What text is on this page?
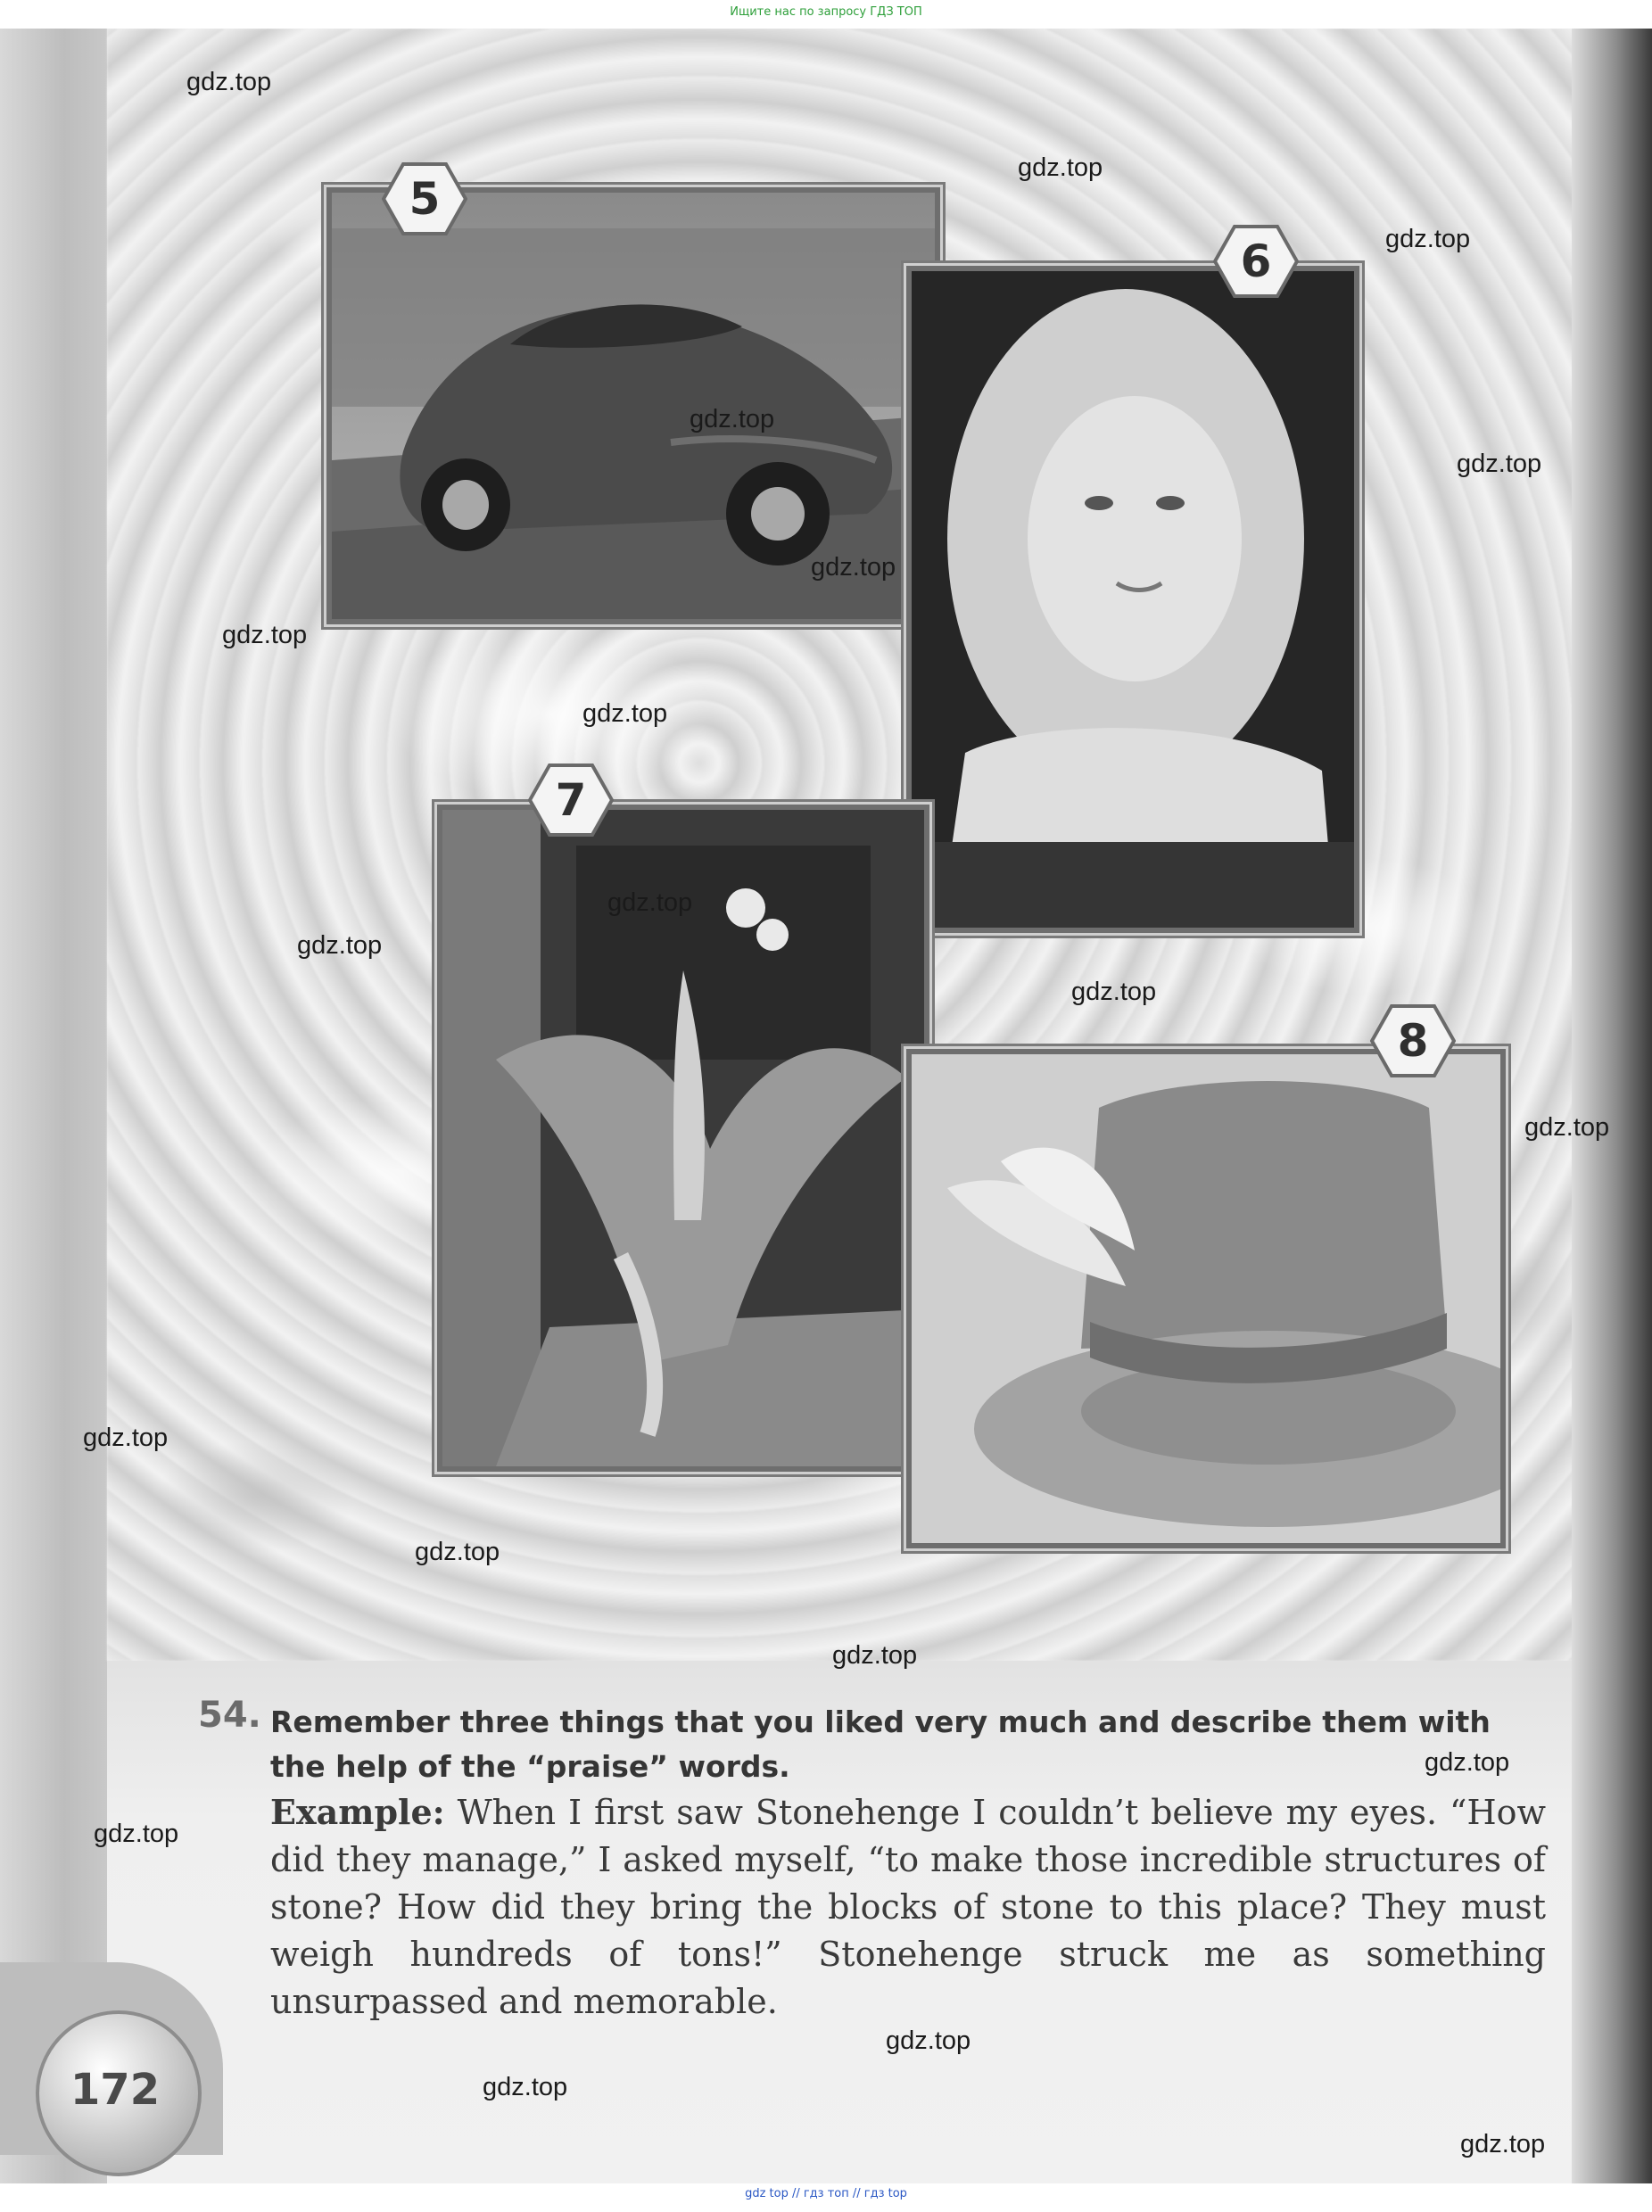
Ищите нас по запросу ГДЗ ТОП
5
6
7
8
54. Remember three things that you liked very much and describe them with the help of the “praise” words.
Example: When I first saw Stonehenge I couldn’t believe my eyes. “How did they manage,” I asked myself, “to make those incredible structures of stone? How did they bring the blocks of stone to this place? They must weigh hundreds of tons!” Stonehenge struck me as something unsurpassed and memorable.
172
gdz.top
gdz.top
gdz.top
gdz.top
gdz.top
gdz.top
gdz.top
gdz.top
gdz.top
gdz.top
gdz.top
gdz.top
gdz.top
gdz.top
gdz.top
gdz.top
gdz.top
gdz.top
gdz.top
gdz.top
gdz top // гдз топ // гдз top
